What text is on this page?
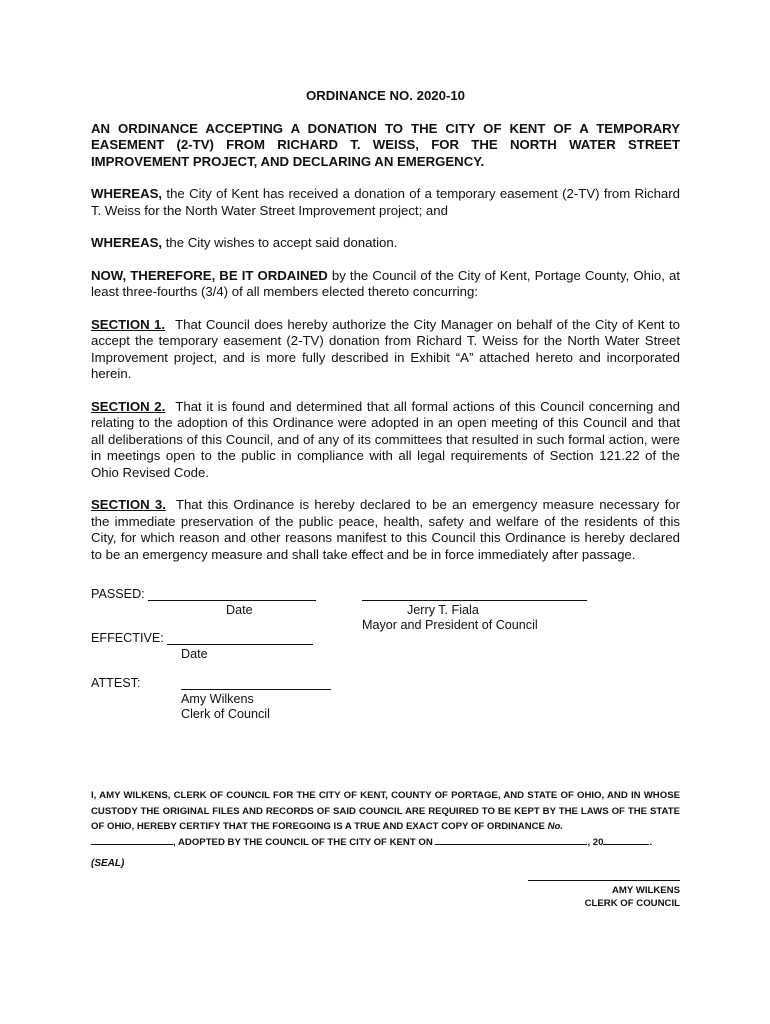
ORDINANCE NO. 2020-10
AN ORDINANCE ACCEPTING A DONATION TO THE CITY OF KENT OF A TEMPORARY EASEMENT (2-TV) FROM RICHARD T. WEISS, FOR THE NORTH WATER STREET IMPROVEMENT PROJECT, AND DECLARING AN EMERGENCY.

WHEREAS, the City of Kent has received a donation of a temporary easement (2-TV) from Richard T. Weiss for the North Water Street Improvement project; and

WHEREAS, the City wishes to accept said donation.

NOW, THEREFORE, BE IT ORDAINED by the Council of the City of Kent, Portage County, Ohio, at least three-fourths (3/4) of all members elected thereto concurring:

SECTION 1. That Council does hereby authorize the City Manager on behalf of the City of Kent to accept the temporary easement (2-TV) donation from Richard T. Weiss for the North Water Street Improvement project, and is more fully described in Exhibit “A” attached hereto and incorporated herein.

SECTION 2. That it is found and determined that all formal actions of this Council concerning and relating to the adoption of this Ordinance were adopted in an open meeting of this Council and that all deliberations of this Council, and of any of its committees that resulted in such formal action, were in meetings open to the public in compliance with all legal requirements of Section 121.22 of the Ohio Revised Code.

SECTION 3. That this Ordinance is hereby declared to be an emergency measure necessary for the immediate preservation of the public peace, health, safety and welfare of the residents of this City, for which reason and other reasons manifest to this Council this Ordinance is hereby declared to be an emergency measure and shall take effect and be in force immediately after passage.

PASSED:
Date	Jerry T. Fiala
Mayor and President of Council
EFFECTIVE:
Date
ATTEST:
Amy Wilkens
Clerk of Council
I, AMY WILKENS, CLERK OF COUNCIL FOR THE CITY OF KENT, COUNTY OF PORTAGE, AND STATE OF OHIO, AND IN WHOSE CUSTODY THE ORIGINAL FILES AND RECORDS OF SAID COUNCIL ARE REQUIRED TO BE KEPT BY THE LAWS OF THE STATE OF OHIO, HEREBY CERTIFY THAT THE FOREGOING IS A TRUE AND EXACT COPY OF ORDINANCE No.
, ADOPTED BY THE COUNCIL OF THE CITY OF KENT ON	, 20	.
(SEAL)
AMY WILKENS
CLERK OF COUNCIL
